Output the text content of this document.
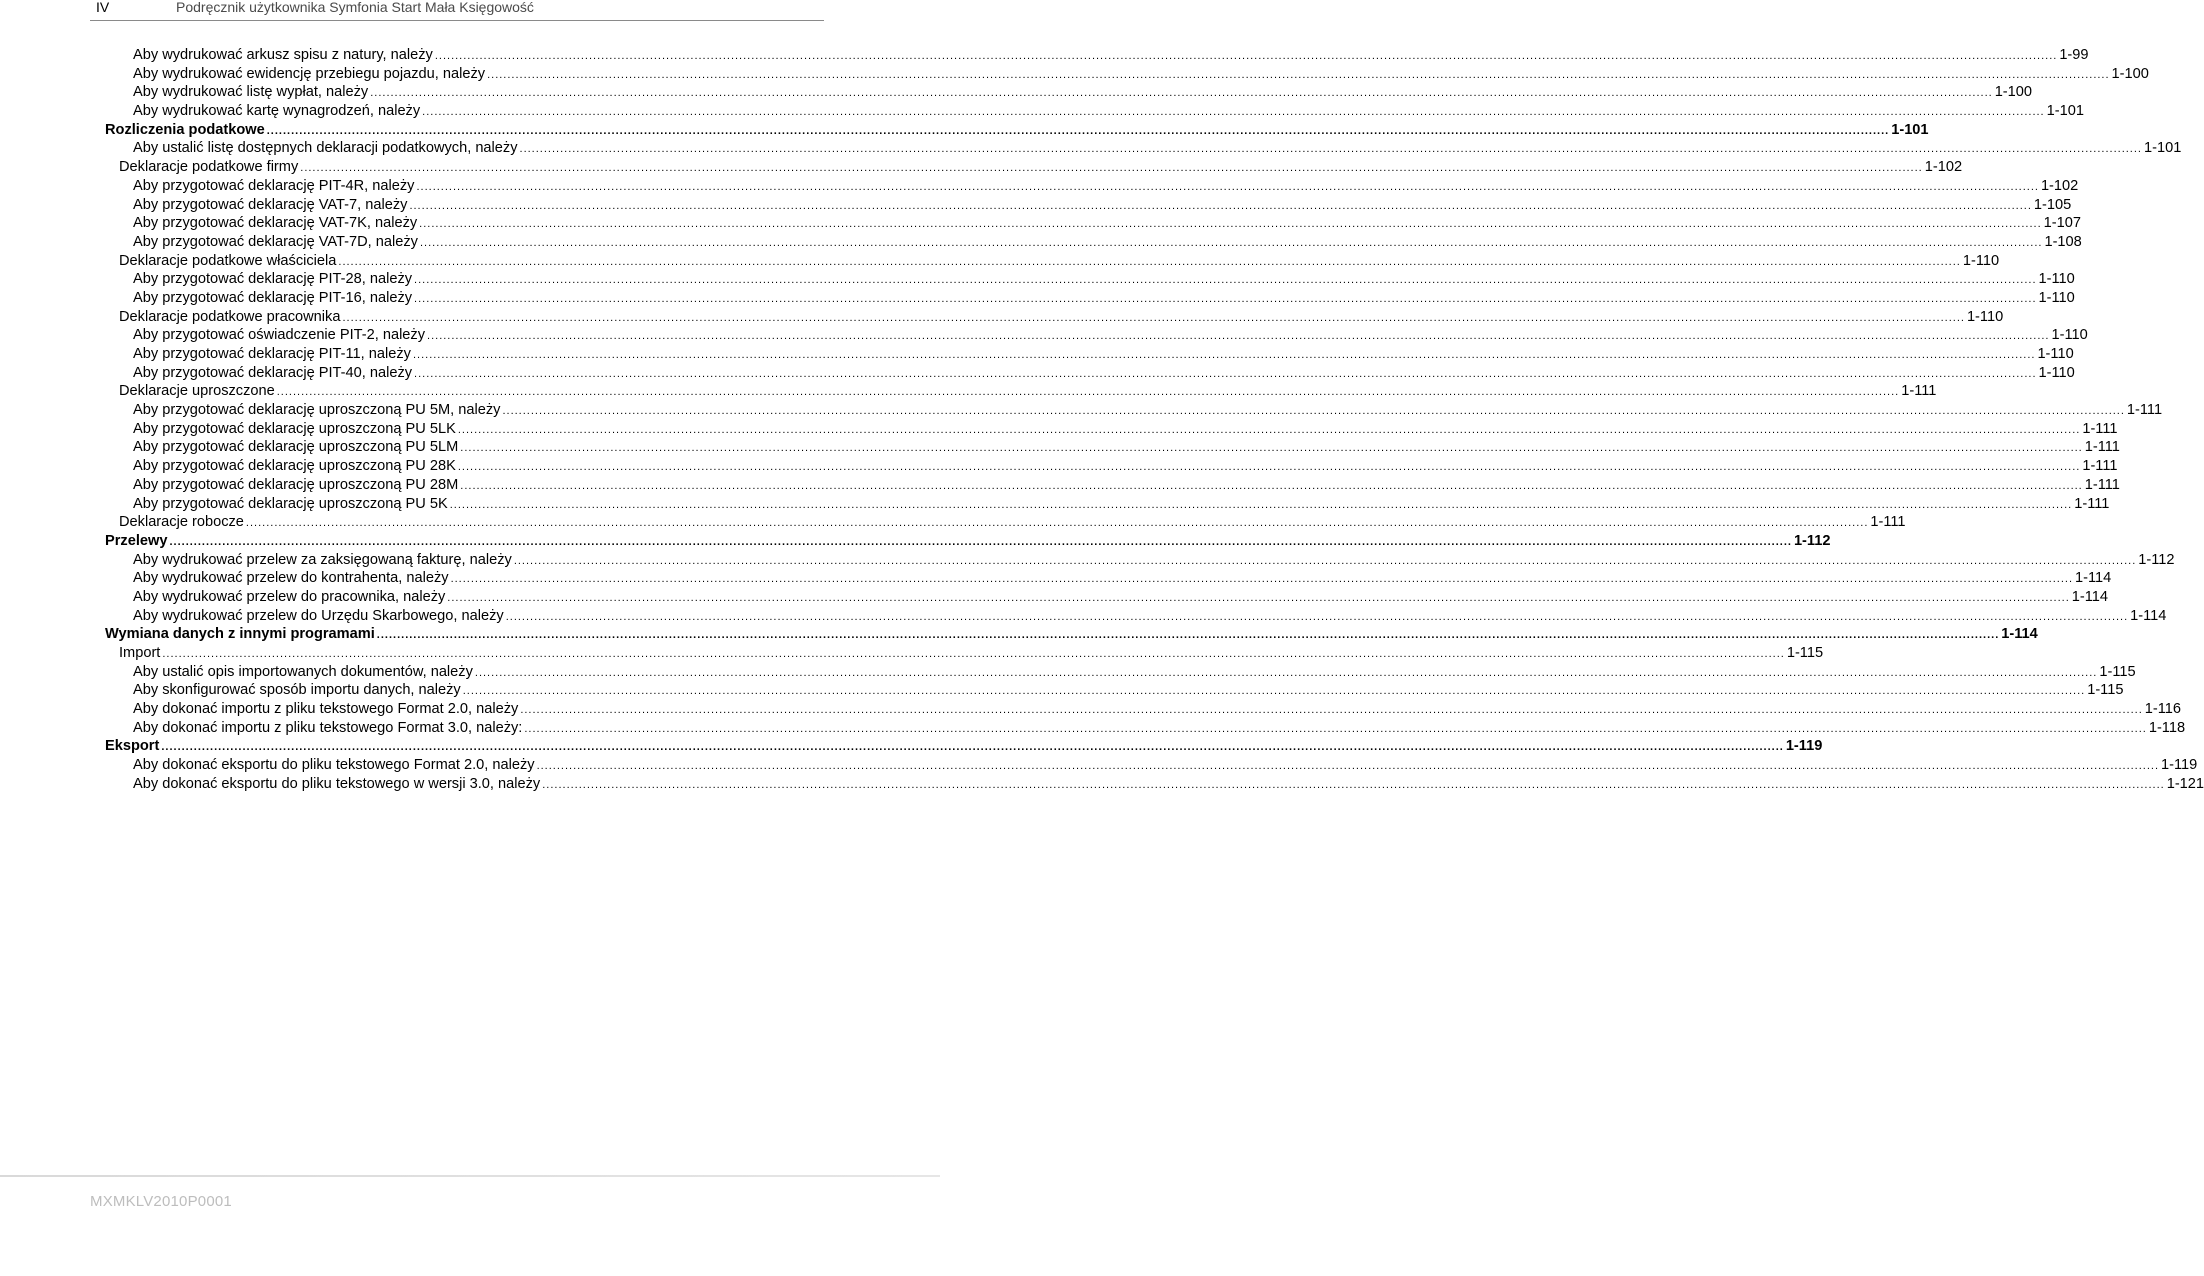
IV	Podręcznik użytkownika Symfonia Start Mała Księgowość
Aby wydrukować arkusz spisu z natury, należy ................................................................................................................................................................................................................................................................................................................................................................................................................ 1-99
Aby wydrukować ewidencję przebiegu pojazdu, należy ................................................................................................................................................................................................................................................................................................................................................................................................................ 1-100
Aby wydrukować listę wypłat, należy ................................................................................................................................................................................................................................................................................................................................................................................................................ 1-100
Aby wydrukować kartę wynagrodzeń, należy ................................................................................................................................................................................................................................................................................................................................................................................................................ 1-101
Rozliczenia podatkowe ................................................................................................................................................................................................................................................................................................................................................................................................................ 1-101
Aby ustalić listę dostępnych deklaracji podatkowych, należy ................................................................................................................................................................................................................................................................................................................................................................................................................ 1-101
Deklaracje podatkowe firmy ................................................................................................................................................................................................................................................................................................................................................................................................................ 1-102
Aby przygotować deklarację PIT-4R, należy ................................................................................................................................................................................................................................................................................................................................................................................................................ 1-102
Aby przygotować deklarację VAT-7, należy ................................................................................................................................................................................................................................................................................................................................................................................................................ 1-105
Aby przygotować deklarację VAT-7K, należy ................................................................................................................................................................................................................................................................................................................................................................................................................ 1-107
Aby przygotować deklarację VAT-7D, należy ................................................................................................................................................................................................................................................................................................................................................................................................................ 1-108
Deklaracje podatkowe właściciela ................................................................................................................................................................................................................................................................................................................................................................................................................ 1-110
Aby przygotować deklarację PIT-28, należy ................................................................................................................................................................................................................................................................................................................................................................................................................ 1-110
Aby przygotować deklarację PIT-16, należy ................................................................................................................................................................................................................................................................................................................................................................................................................ 1-110
Deklaracje podatkowe pracownika ................................................................................................................................................................................................................................................................................................................................................................................................................ 1-110
Aby przygotować oświadczenie PIT-2, należy ................................................................................................................................................................................................................................................................................................................................................................................................................ 1-110
Aby przygotować deklarację PIT-11, należy ................................................................................................................................................................................................................................................................................................................................................................................................................ 1-110
Aby przygotować deklarację PIT-40, należy ................................................................................................................................................................................................................................................................................................................................................................................................................ 1-110
Deklaracje uproszczone ................................................................................................................................................................................................................................................................................................................................................................................................................ 1-111
Aby przygotować deklarację uproszczoną PU 5M, należy ................................................................................................................................................................................................................................................................................................................................................................................................................ 1-111
Aby przygotować deklarację uproszczoną PU 5LK ................................................................................................................................................................................................................................................................................................................................................................................................................ 1-111
Aby przygotować deklarację uproszczoną PU 5LM ................................................................................................................................................................................................................................................................................................................................................................................................................ 1-111
Aby przygotować deklarację uproszczoną PU 28K ................................................................................................................................................................................................................................................................................................................................................................................................................ 1-111
Aby przygotować deklarację uproszczoną PU 28M ................................................................................................................................................................................................................................................................................................................................................................................................................ 1-111
Aby przygotować deklarację uproszczoną PU 5K ................................................................................................................................................................................................................................................................................................................................................................................................................ 1-111
Deklaracje robocze ................................................................................................................................................................................................................................................................................................................................................................................................................ 1-111
Przelewy ................................................................................................................................................................................................................................................................................................................................................................................................................ 1-112
Aby wydrukować przelew za zaksięgowaną fakturę, należy ................................................................................................................................................................................................................................................................................................................................................................................................................ 1-112
Aby wydrukować przelew do kontrahenta, należy ................................................................................................................................................................................................................................................................................................................................................................................................................ 1-114
Aby wydrukować przelew do pracownika, należy ................................................................................................................................................................................................................................................................................................................................................................................................................ 1-114
Aby wydrukować przelew do Urzędu Skarbowego, należy ................................................................................................................................................................................................................................................................................................................................................................................................................ 1-114
Wymiana danych z innymi programami ................................................................................................................................................................................................................................................................................................................................................................................................................ 1-114
Import ................................................................................................................................................................................................................................................................................................................................................................................................................ 1-115
Aby ustalić opis importowanych dokumentów, należy ................................................................................................................................................................................................................................................................................................................................................................................................................ 1-115
Aby skonfigurować sposób importu danych, należy ................................................................................................................................................................................................................................................................................................................................................................................................................ 1-115
Aby dokonać importu z pliku tekstowego Format 2.0, należy ................................................................................................................................................................................................................................................................................................................................................................................................................ 1-116
Aby dokonać importu z pliku tekstowego Format 3.0, należy: ................................................................................................................................................................................................................................................................................................................................................................................................................ 1-118
Eksport ................................................................................................................................................................................................................................................................................................................................................................................................................ 1-119
Aby dokonać eksportu do pliku tekstowego Format 2.0, należy ................................................................................................................................................................................................................................................................................................................................................................................................................ 1-119
Aby dokonać eksportu do pliku tekstowego w wersji 3.0, należy ................................................................................................................................................................................................................................................................................................................................................................................................................ 1-121
MXMKLV2010P0001
